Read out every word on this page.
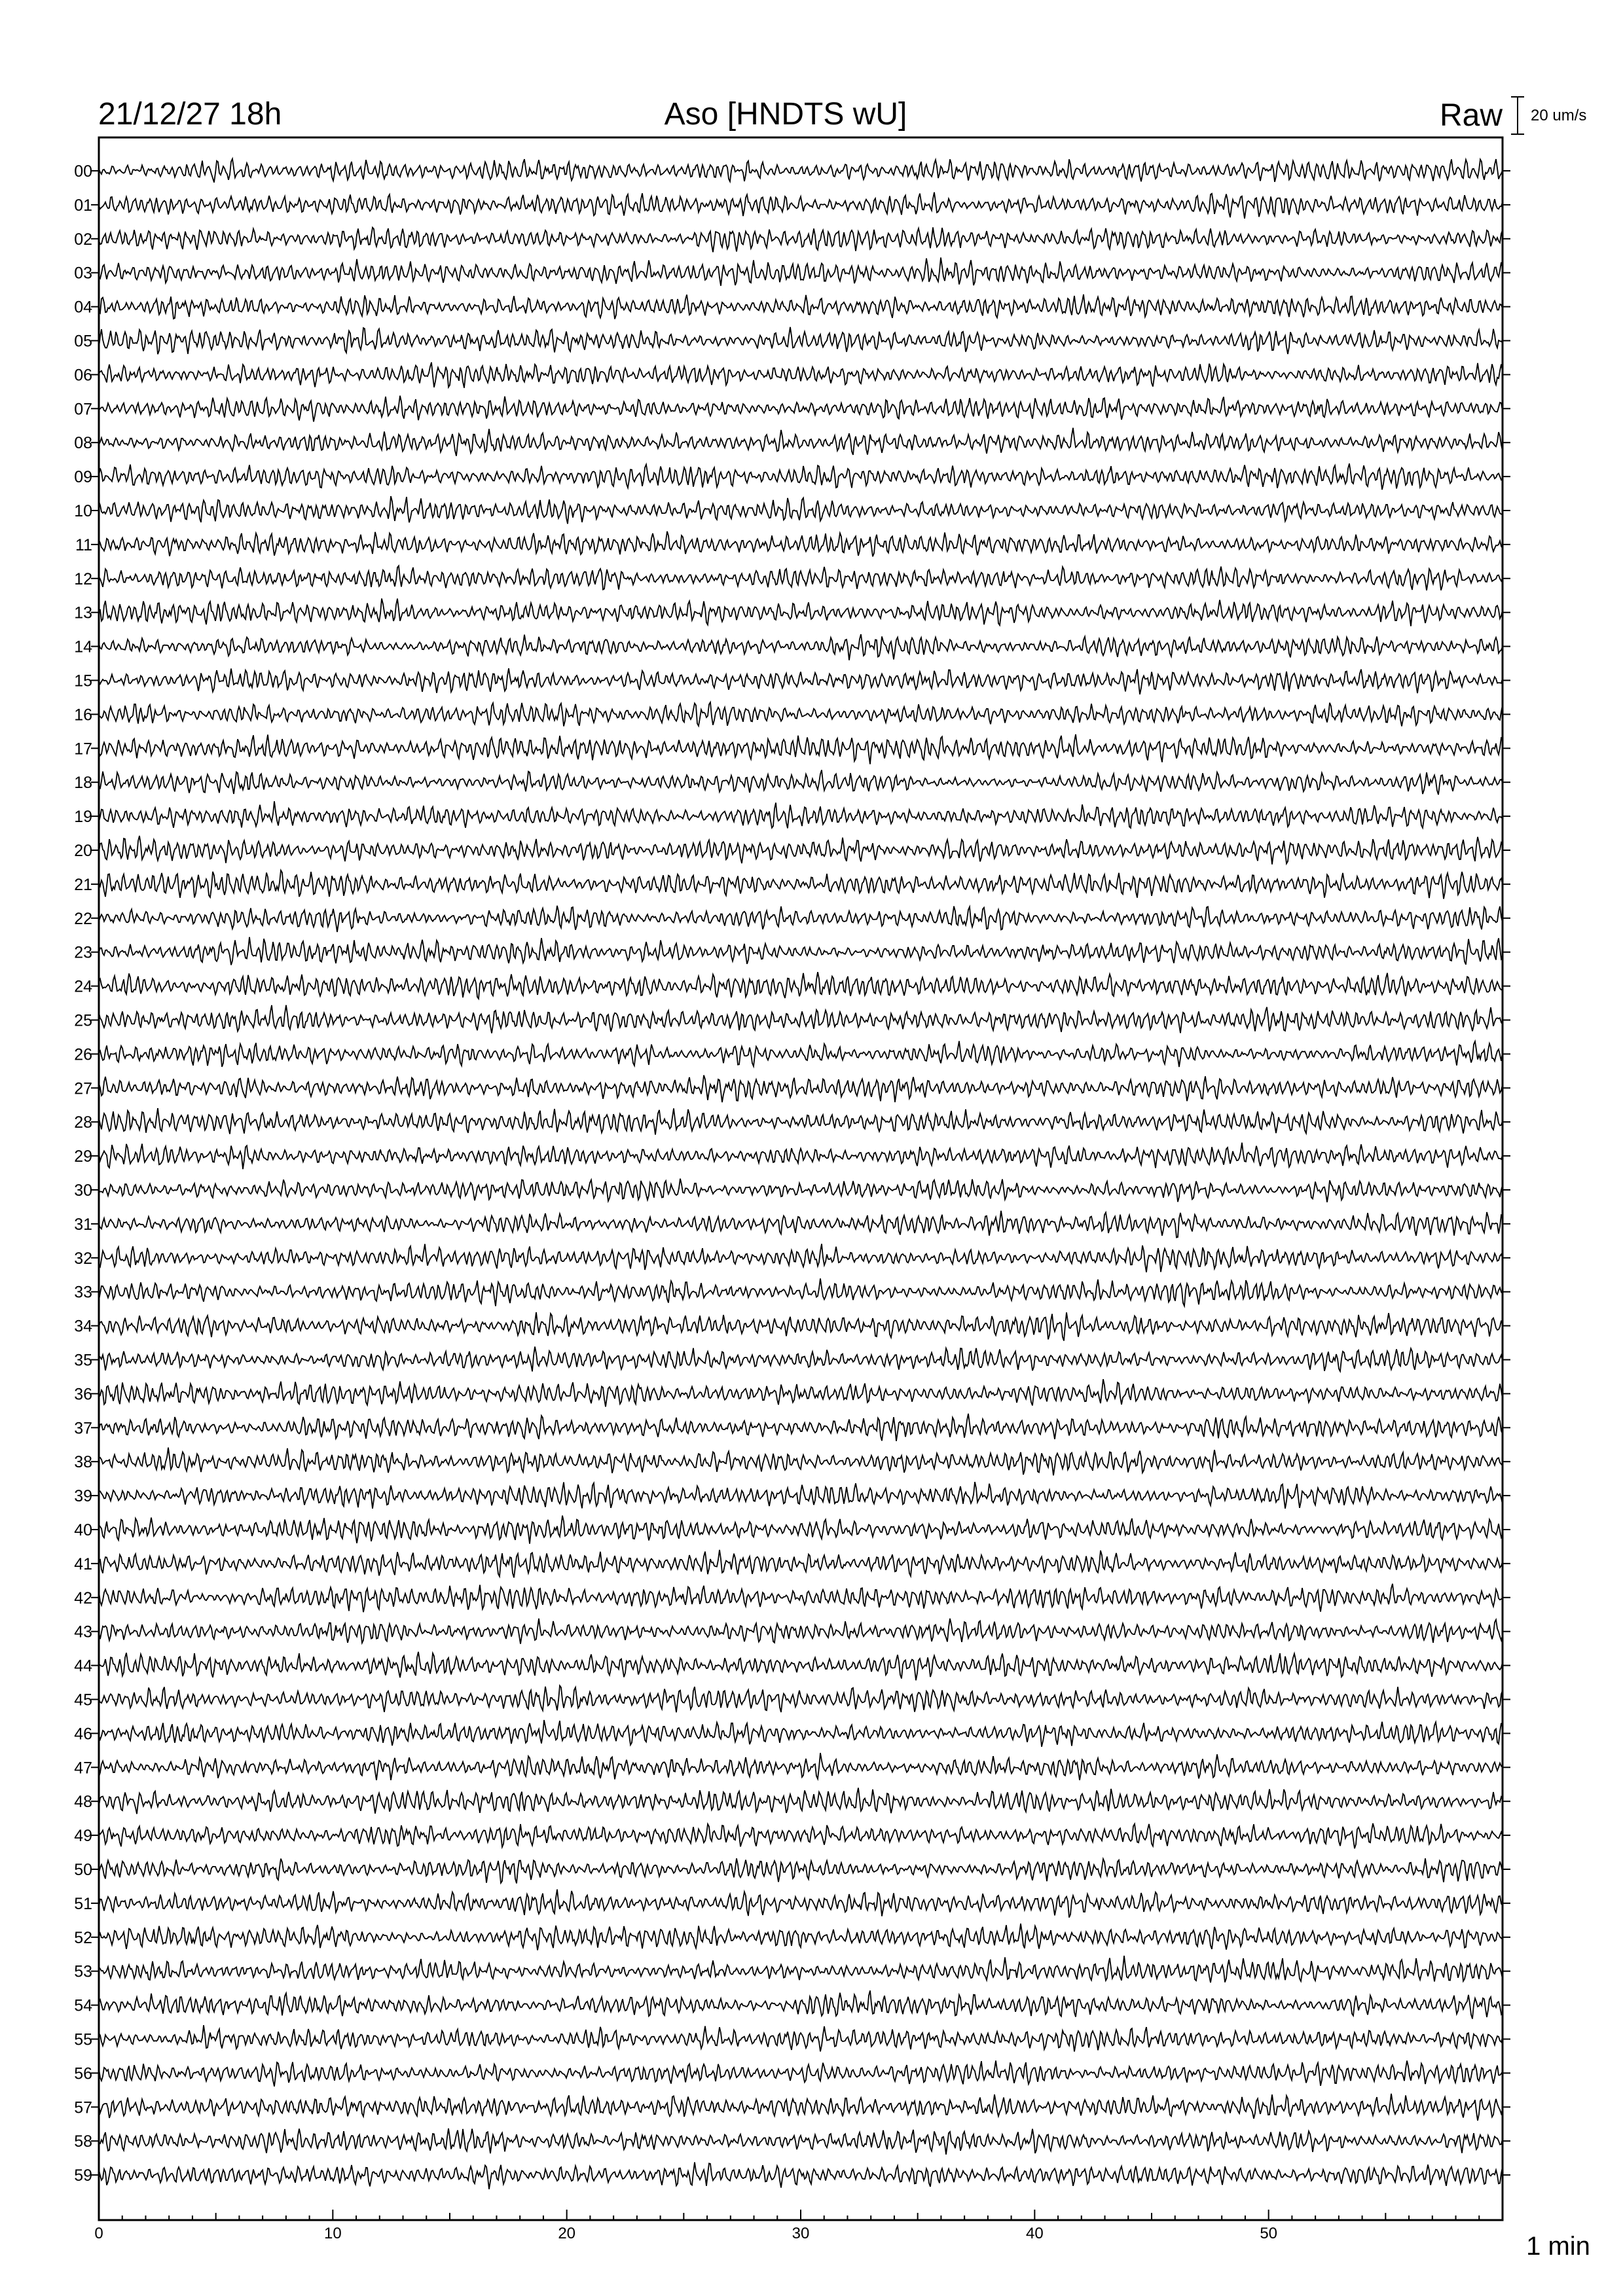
21/12/27 18h	Aso [HNDTS wU]	Raw 20 um/s
00
01
02
03
04
05
06
07
08
09
10
11
12
13
14
15
16
17
18
19
20
21
22
23
24
25
26
27
28
29
30
31
32
33
34
35
36
37
38
39
40
41
42
43
44
45
46
47
48
49
50
51
52
53
54
55
56
57
58
59
0	10	20	30	40	50	1 min
